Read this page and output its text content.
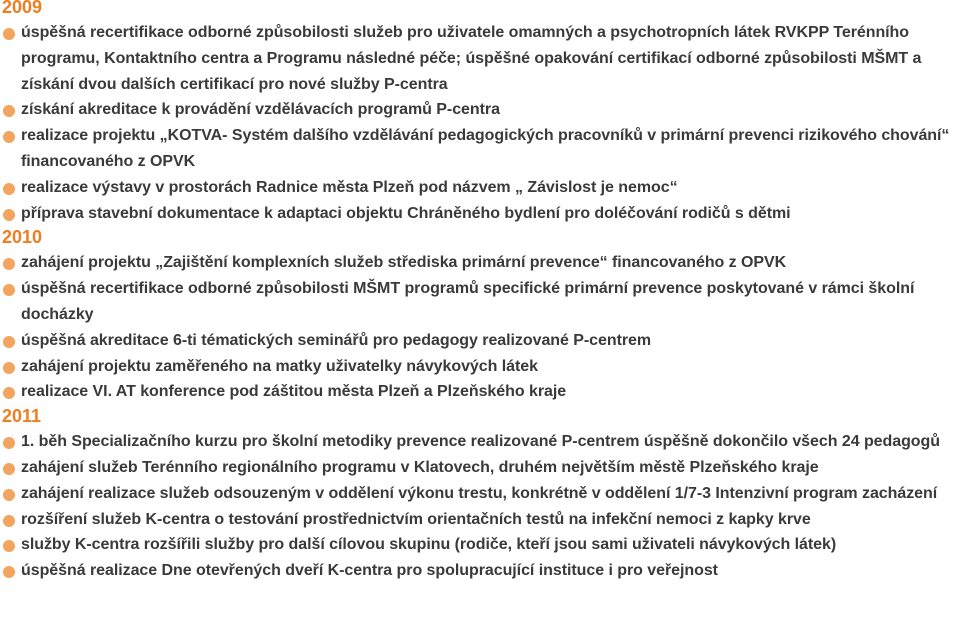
2009
úspěšná recertifikace odborné způsobilosti služeb pro uživatele omamných a psychotropních látek RVKPP Terénního programu, Kontaktního centra a Programu následné péče; úspěšné opakování certifikací odborné způsobilosti MŠMT a získání dvou dalších certifikací pro nové služby P-centra
získání akreditace k provádění vzdělávacích programů P-centra
realizace projektu „KOTVA- Systém dalšího vzdělávání pedagogických pracovníků v primární prevenci rizikového chování“ financovaného z OPVK
realizace výstavy v prostorách Radnice města Plzeň pod názvem „ Závislost je nemoc“
příprava stavební dokumentace k adaptaci objektu Chráněného bydlení pro doléčování rodičů s dětmi
2010
zahájení projektu „Zajištění komplexních služeb střediska primární prevence“ financovaného z OPVK
úspěšná recertifikace odborné způsobilosti MŠMT programů specifické primární prevence poskytované v rámci školní docházky
úspěšná akreditace 6-ti tématických seminářů pro pedagogy realizované P-centrem
zahájení projektu zaměřeného na matky uživatelky návykových látek
realizace VI. AT konference pod záštitou města Plzeň a Plzeňského kraje
2011
1. běh Specializačního kurzu pro školní metodiky prevence realizované P-centrem úspěšně dokončilo všech 24 pedagogů
zahájení služeb Terénního regionálního programu v Klatovech, druhém největším městě Plzeňského kraje
zahájení realizace služeb odsouzeným v oddělení výkonu trestu, konkrétně v oddělení 1/7-3 Intenzivní program zacházení
rozšíření služeb K-centra o testování prostřednictvím orientačních testů na infekční nemoci z kapky krve
služby K-centra rozšířili služby pro další cílovou skupinu (rodiče, kteří jsou sami uživateli návykových látek)
úspěšná realizace Dne otevřených dveří K-centra pro spolupracující instituce i pro veřejnost
